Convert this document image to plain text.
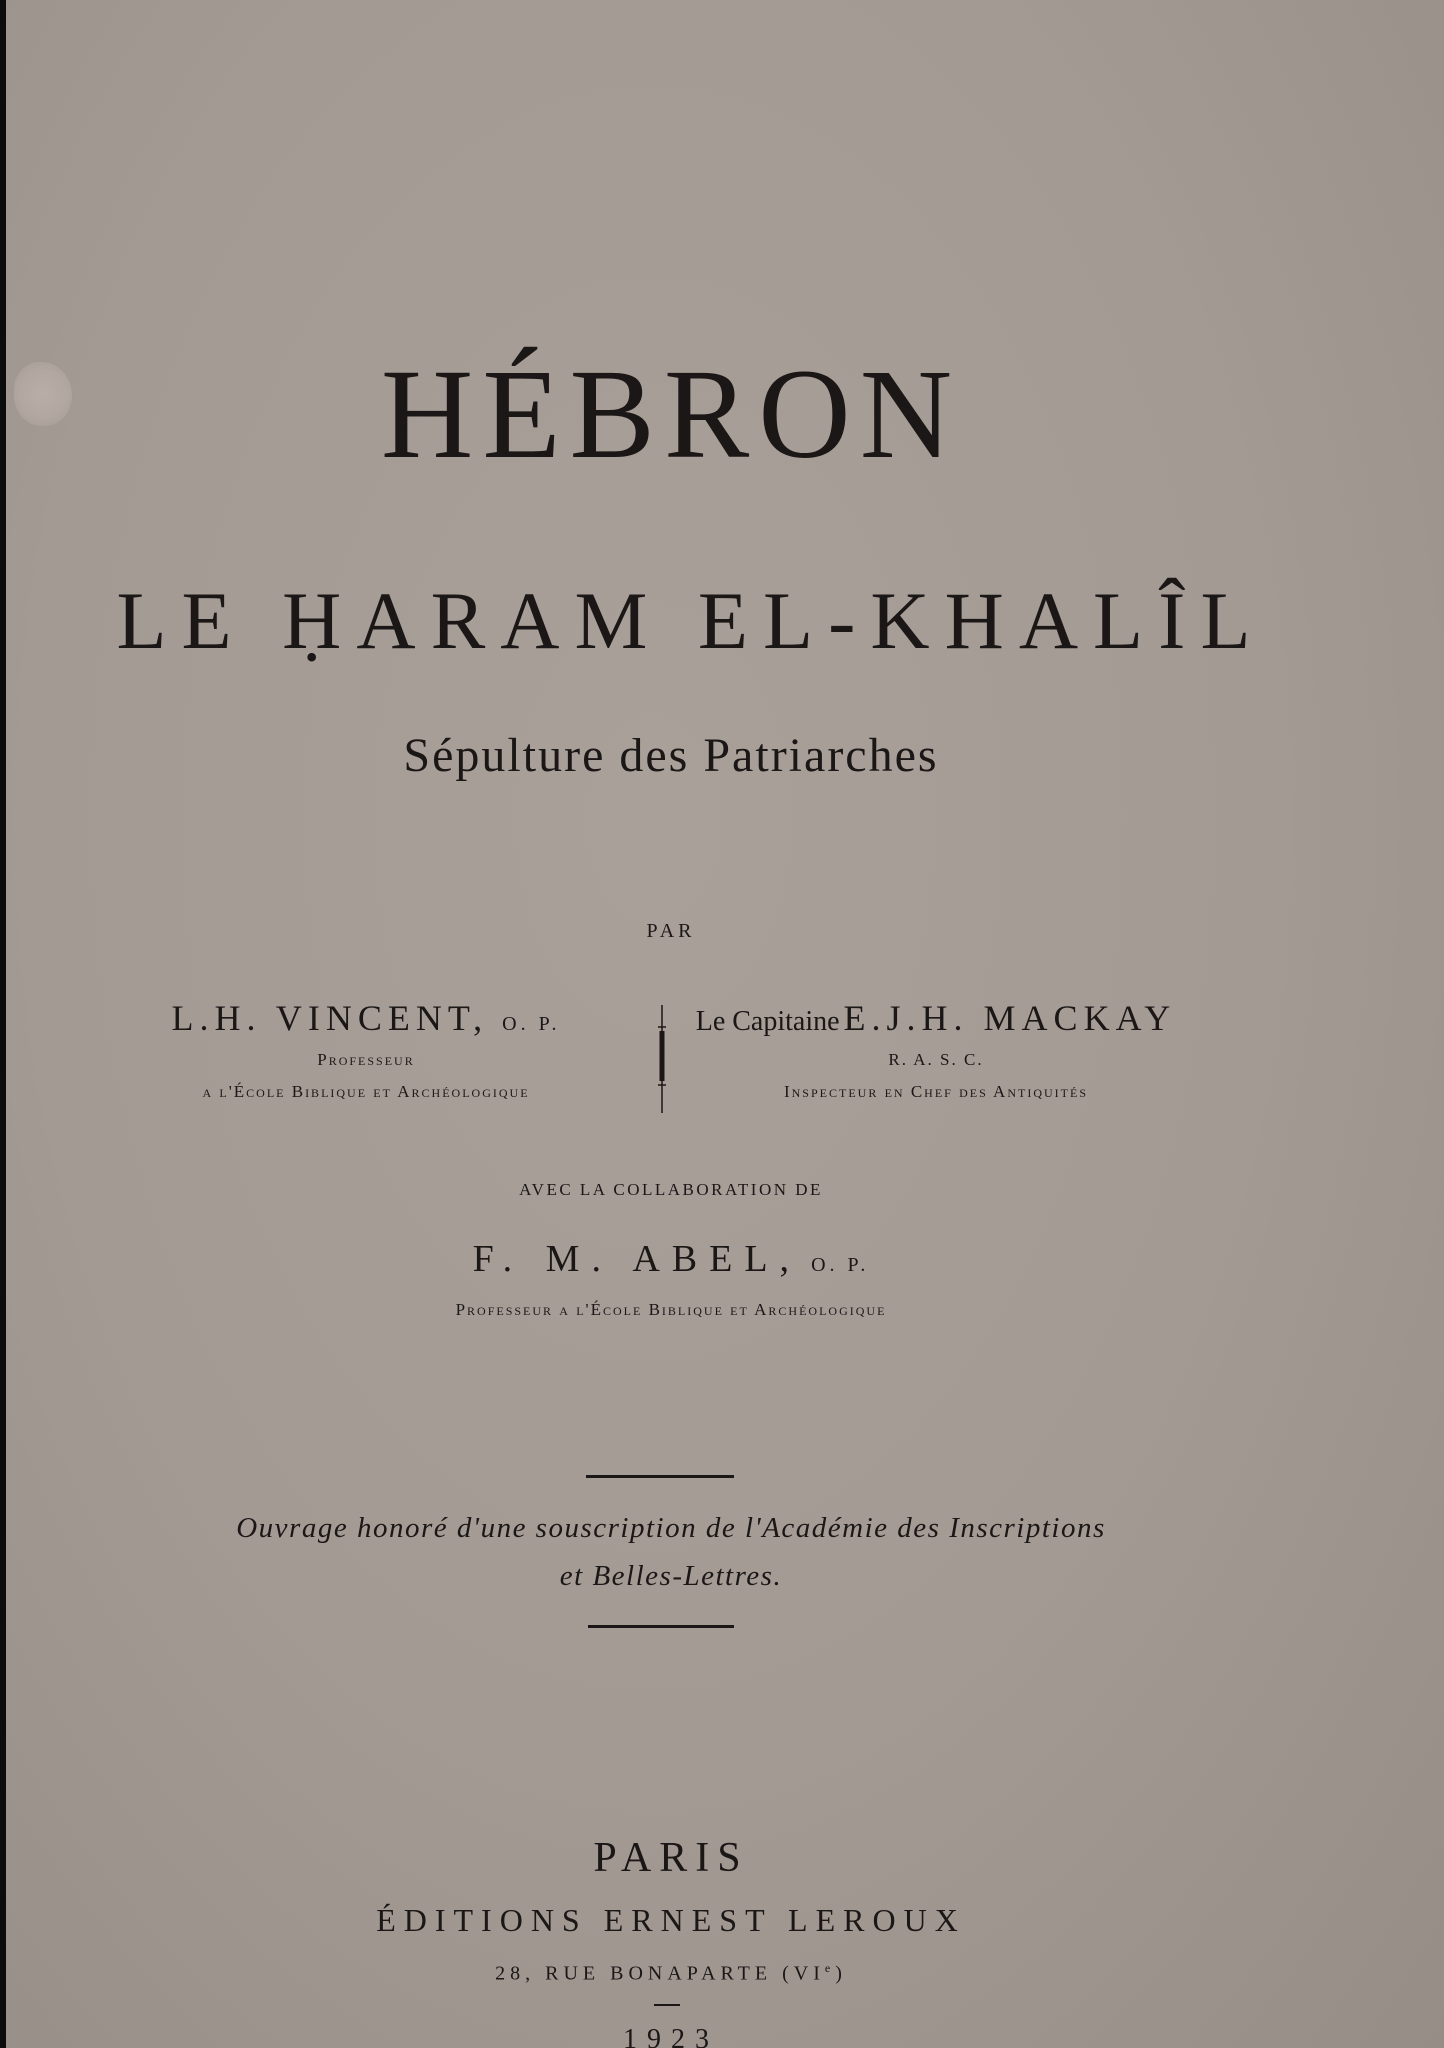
HÉBRON
LE ḤARAM EL-KHALÎL
Sépulture des Patriarches
PAR
L.H. VINCENT, O. P.
Professeur
a l'École Biblique et Archéologique
Le Capitaine E.J.H. MACKAY
R. A. S. C.
Inspecteur en Chef des Antiquités
AVEC LA COLLABORATION DE
F. M. ABEL, O. P.
Professeur a l'École Biblique et Archéologique
Ouvrage honoré d'une souscription de l'Académie des Inscriptions
et Belles-Lettres.
PARIS
ÉDITIONS ERNEST LEROUX
28, RUE BONAPARTE (VIe)
1923
